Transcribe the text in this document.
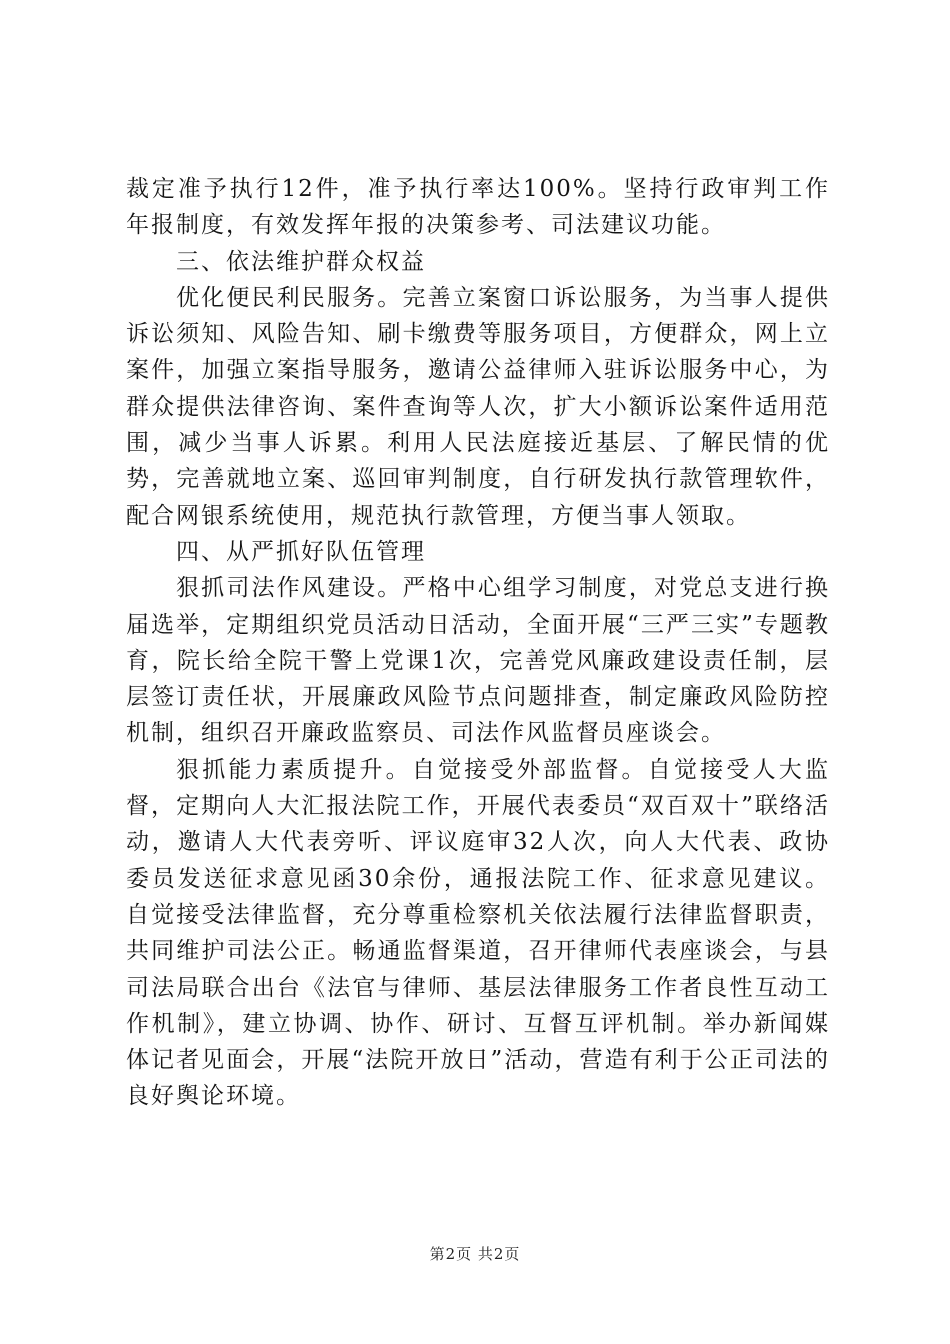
裁定准予执行12件，准予执行率达100%。坚持行政审判工作年报制度，有效发挥年报的决策参考、司法建议功能。

三、依法维护群众权益

优化便民利民服务。完善立案窗口诉讼服务，为当事人提供诉讼须知、风险告知、刷卡缴费等服务项目，方便群众，网上立案件，加强立案指导服务，邀请公益律师入驻诉讼服务中心，为群众提供法律咨询、案件查询等人次，扩大小额诉讼案件适用范围，减少当事人诉累。利用人民法庭接近基层、了解民情的优势，完善就地立案、巡回审判制度，自行研发执行款管理软件，配合网银系统使用，规范执行款管理，方便当事人领取。

四、从严抓好队伍管理

狠抓司法作风建设。严格中心组学习制度，对党总支进行换届选举，定期组织党员活动日活动，全面开展“三严三实”专题教育，院长给全院干警上党课1次，完善党风廉政建设责任制，层层签订责任状，开展廉政风险节点问题排查，制定廉政风险防控机制，组织召开廉政监察员、司法作风监督员座谈会。

狠抓能力素质提升。自觉接受外部监督。自觉接受人大监督，定期向人大汇报法院工作，开展代表委员“双百双十”联络活动，邀请人大代表旁听、评议庭审32人次，向人大代表、政协委员发送征求意见函30余份，通报法院工作、征求意见建议。自觉接受法律监督，充分尊重检察机关依法履行法律监督职责，共同维护司法公正。畅通监督渠道，召开律师代表座谈会，与县司法局联合出台《法官与律师、基层法律服务工作者良性互动工作机制》，建立协调、协作、研讨、互督互评机制。举办新闻媒体记者见面会，开展“法院开放日”活动，营造有利于公正司法的良好舆论环境。

第2页 共2页
